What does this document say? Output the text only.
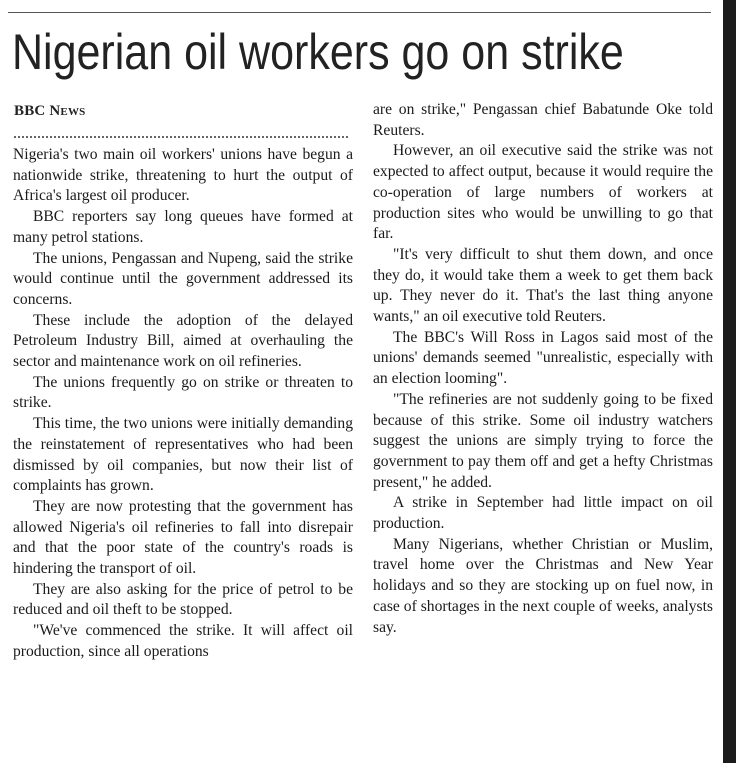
Nigerian oil workers go on strike
BBC News

Nigeria's two main oil workers' unions have begun a nationwide strike, threatening to hurt the output of Africa's largest oil producer.

BBC reporters say long queues have formed at many petrol stations.

The unions, Pengassan and Nupeng, said the strike would continue until the government addressed its concerns.

These include the adoption of the delayed Petroleum Industry Bill, aimed at overhauling the sector and maintenance work on oil refineries.

The unions frequently go on strike or threaten to strike.

This time, the two unions were initially demanding the reinstatement of representatives who had been dismissed by oil companies, but now their list of complaints has grown.

They are now protesting that the government has allowed Nigeria's oil refineries to fall into disrepair and that the poor state of the country's roads is hindering the transport of oil.

They are also asking for the price of petrol to be reduced and oil theft to be stopped.

"We've commenced the strike. It will affect oil production, since all operations

are on strike," Pengassan chief Babatunde Oke told Reuters.

However, an oil executive said the strike was not expected to affect output, because it would require the co-operation of large numbers of workers at production sites who would be unwilling to go that far.

"It's very difficult to shut them down, and once they do, it would take them a week to get them back up. They never do it. That's the last thing anyone wants," an oil executive told Reuters.

The BBC's Will Ross in Lagos said most of the unions' demands seemed "unrealistic, especially with an election looming".

"The refineries are not suddenly going to be fixed because of this strike. Some oil industry watchers suggest the unions are simply trying to force the government to pay them off and get a hefty Christmas present," he added.

A strike in September had little impact on oil production.

Many Nigerians, whether Christian or Muslim, travel home over the Christmas and New Year holidays and so they are stocking up on fuel now, in case of shortages in the next couple of weeks, analysts say.
